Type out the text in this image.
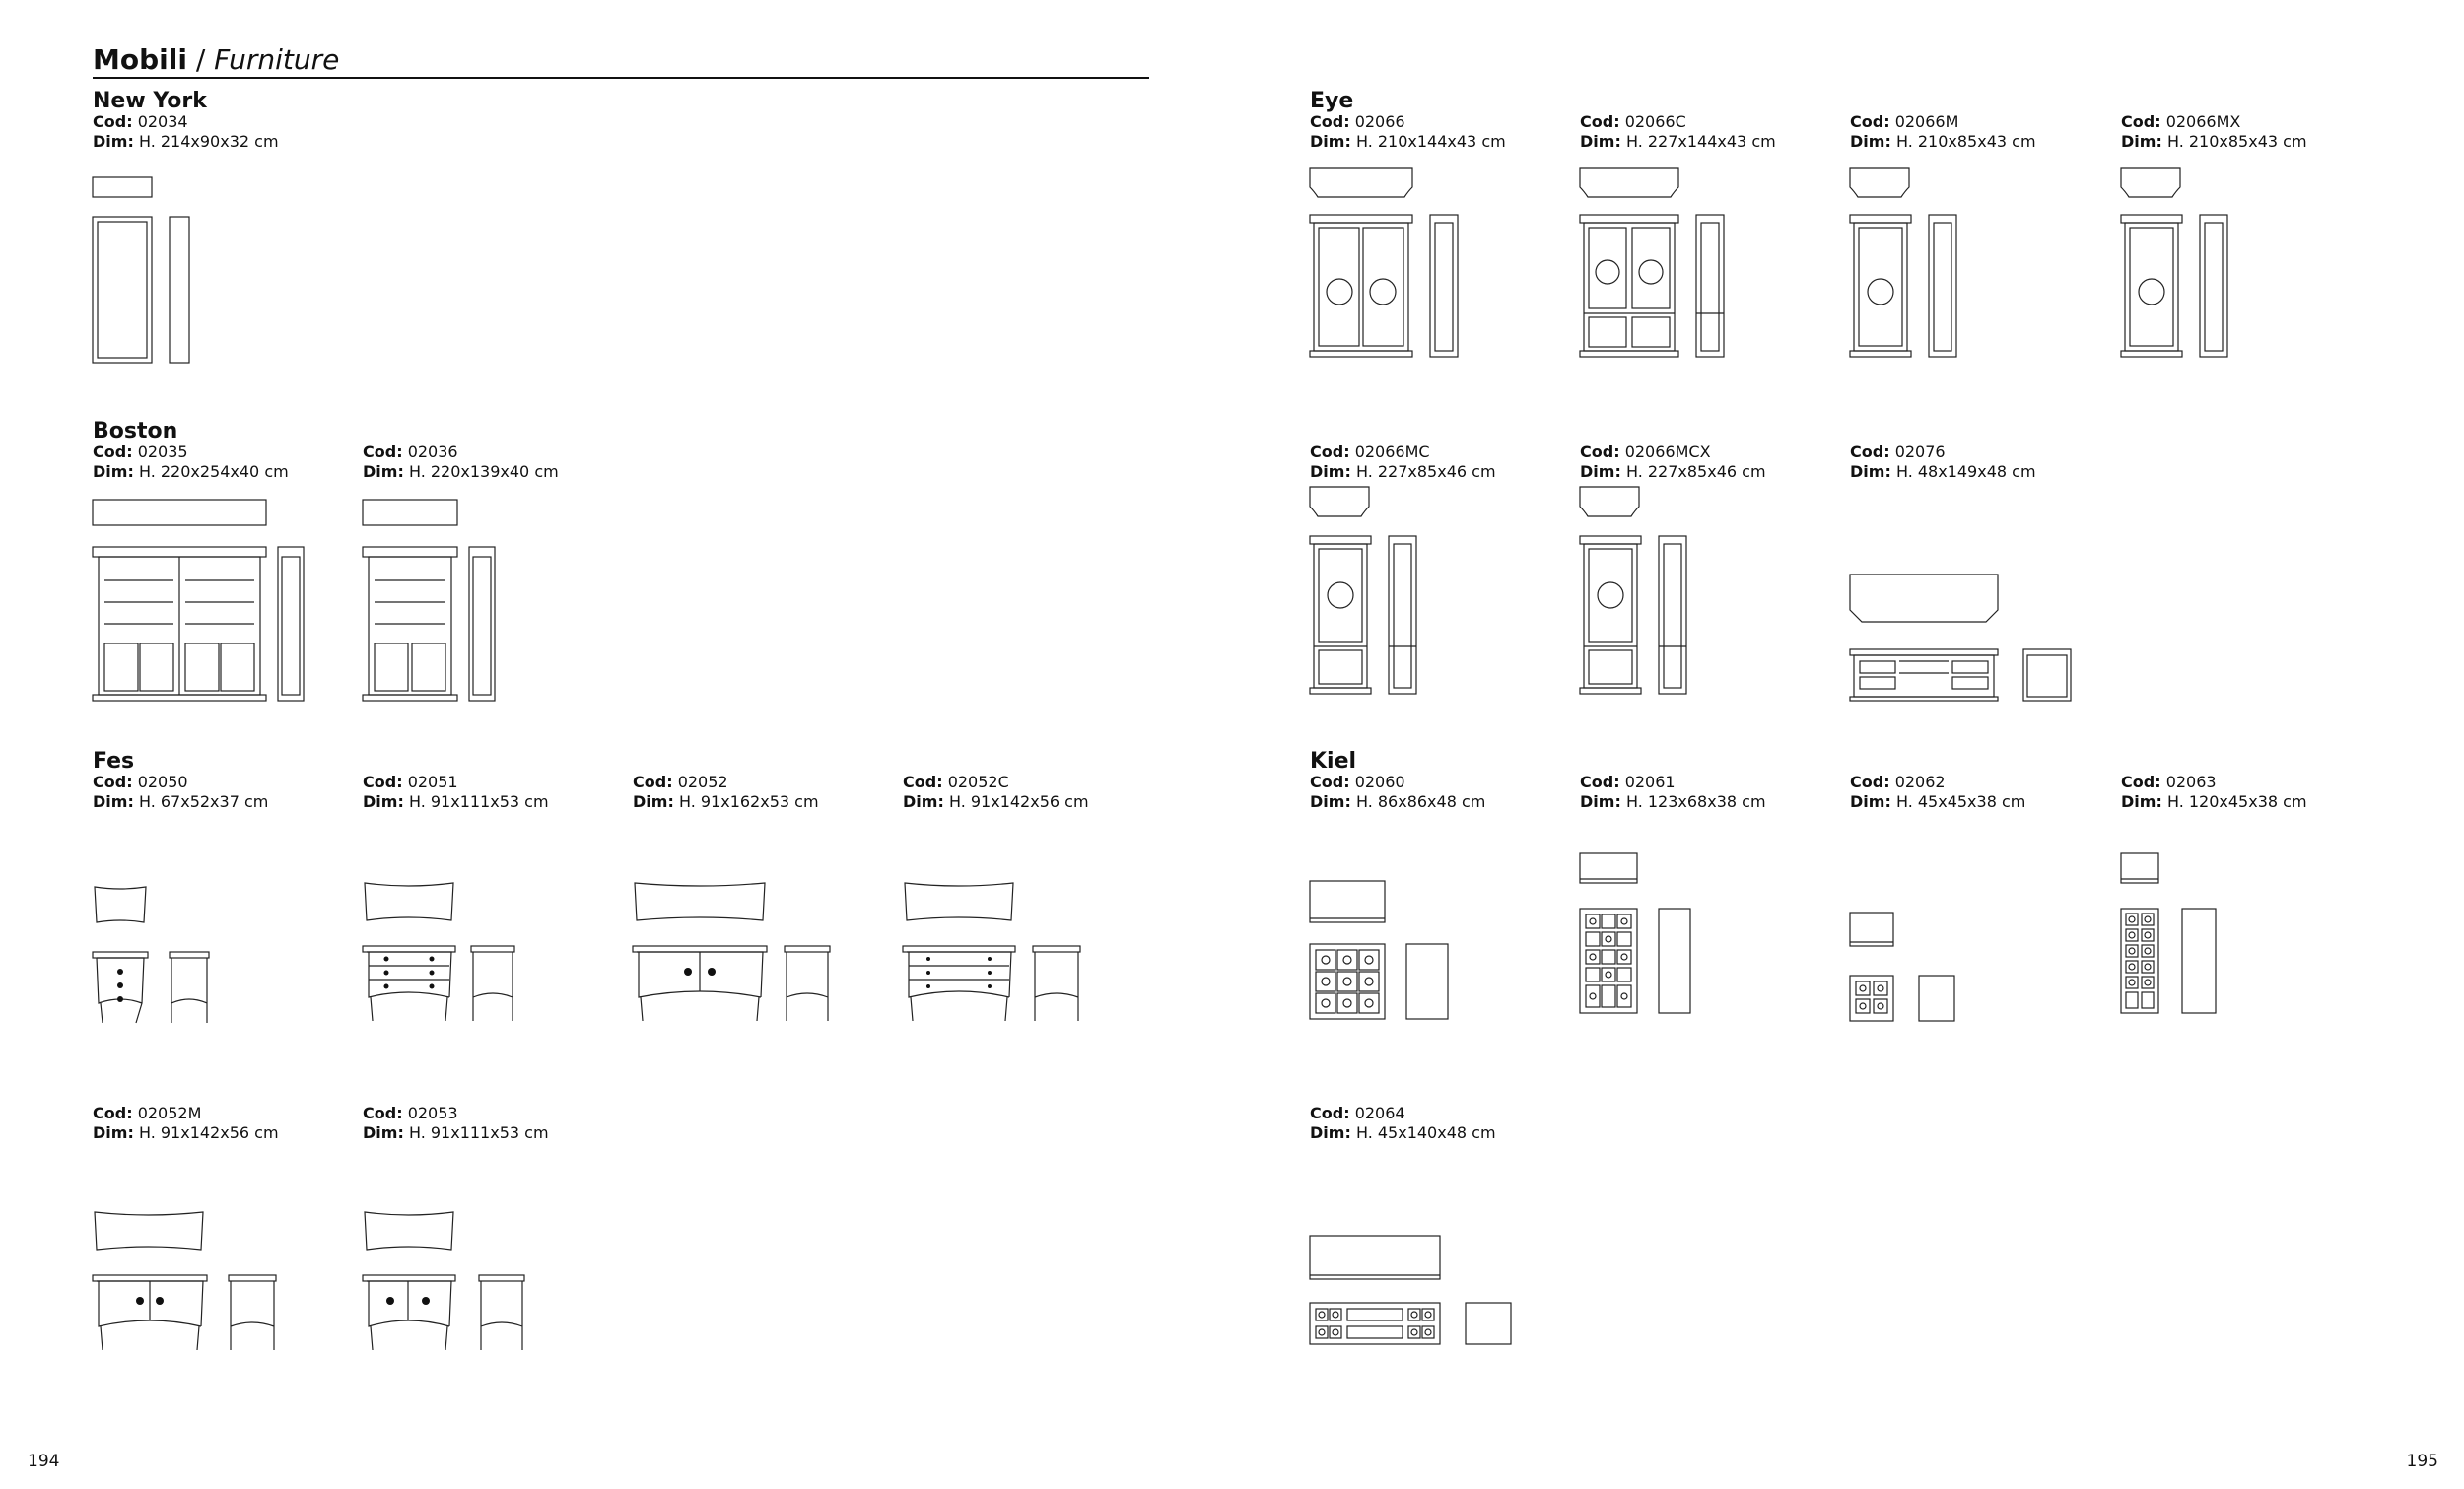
Mobili / Furniture
New York
Boston
Fes
Eye
Kiel
Cod: 02034
Dim: H. 214x90x32 cm
Cod: 02035
Dim: H. 220x254x40 cm
Cod: 02036
Dim: H. 220x139x40 cm
Cod: 02050
Dim: H. 67x52x37 cm
Cod: 02051
Dim: H. 91x111x53 cm
Cod: 02052
Dim: H. 91x162x53 cm
Cod: 02052C
Dim: H. 91x142x56 cm
Cod: 02052M
Dim: H. 91x142x56 cm
Cod: 02053
Dim: H. 91x111x53 cm
Cod: 02066
Dim: H. 210x144x43 cm
Cod: 02066C
Dim: H. 227x144x43 cm
Cod: 02066M
Dim: H. 210x85x43 cm
Cod: 02066MX
Dim: H. 210x85x43 cm
Cod: 02066MC
Dim: H. 227x85x46 cm
Cod: 02066MCX
Dim: H. 227x85x46 cm
Cod: 02076
Dim: H. 48x149x48 cm
Cod: 02060
Dim: H. 86x86x48 cm
Cod: 02061
Dim: H. 123x68x38 cm
Cod: 02062
Dim: H. 45x45x38 cm
Cod: 02063
Dim: H. 120x45x38 cm
Cod: 02064
Dim: H. 45x140x48 cm
194	195
